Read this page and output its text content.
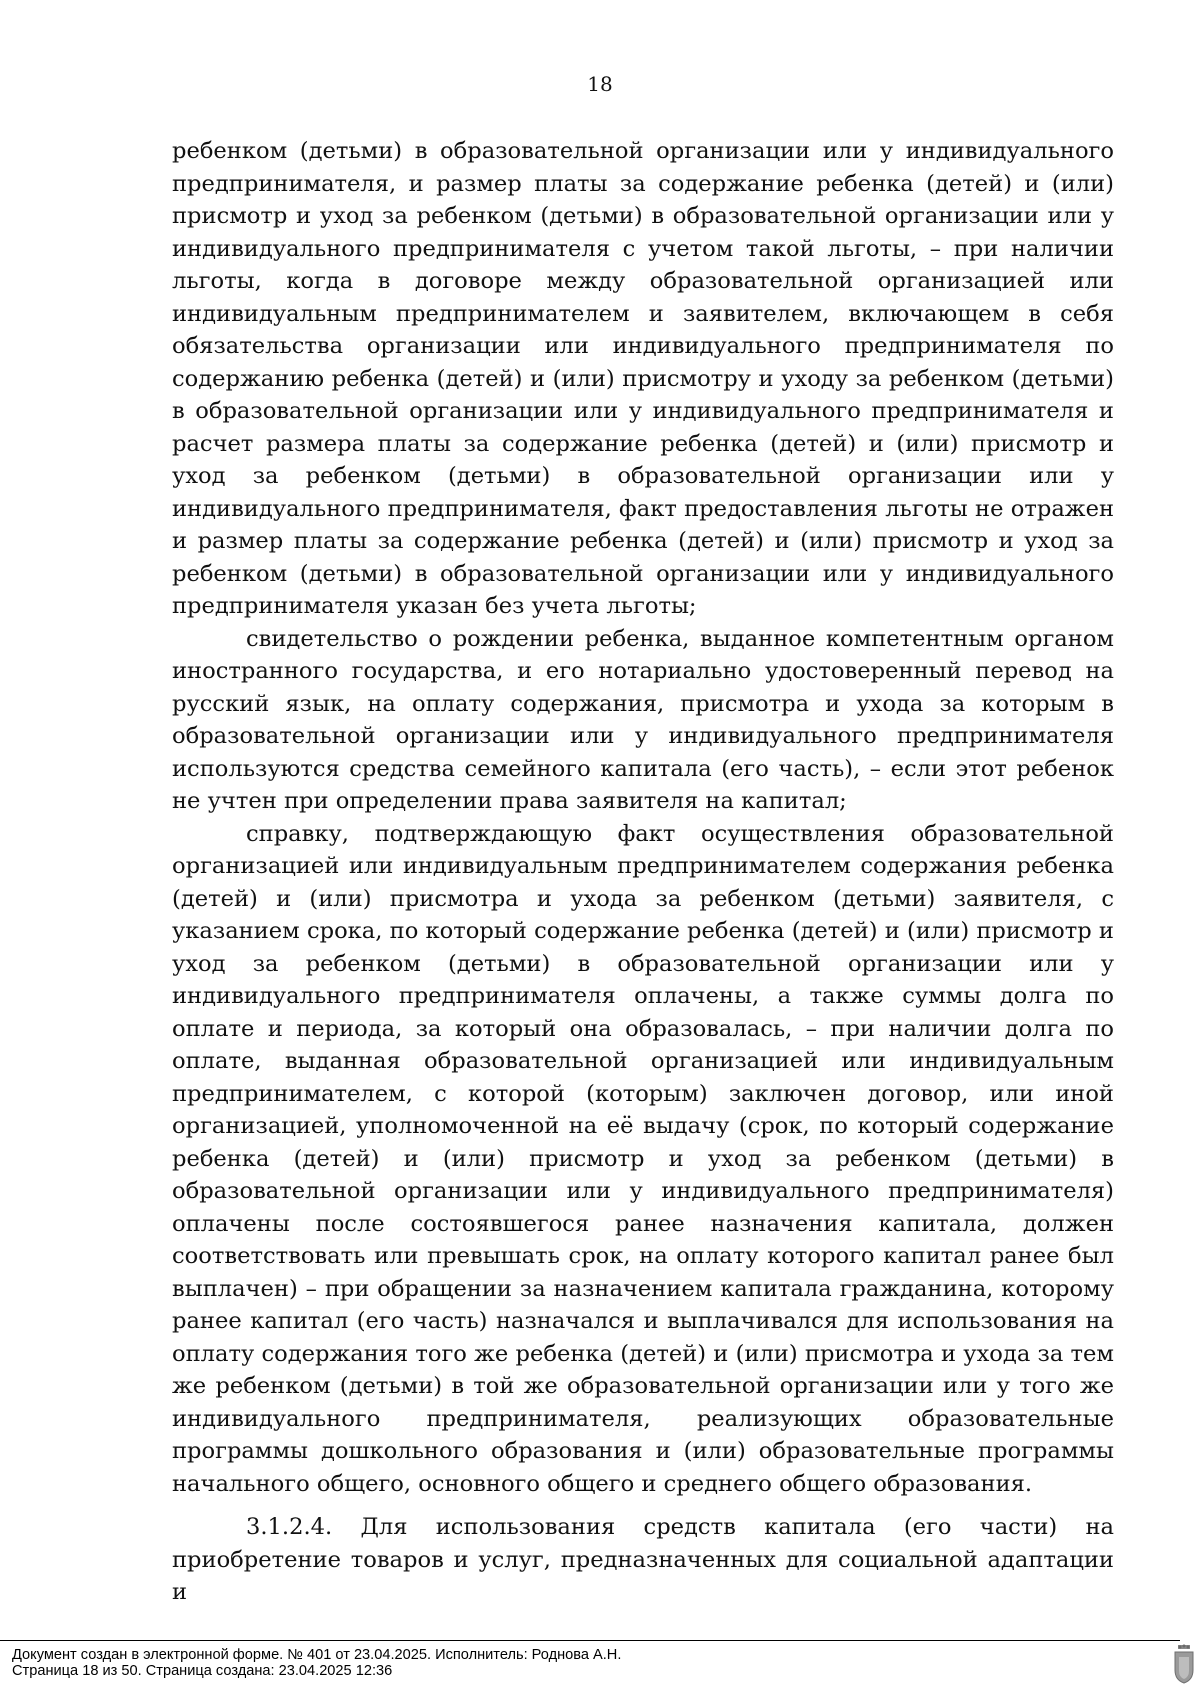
18

ребенком (детьми) в образовательной организации или у индивидуального предпринимателя, и размер платы за содержание ребенка (детей) и (или) присмотр и уход за ребенком (детьми) в образовательной организации или у индивидуального предпринимателя с учетом такой льготы, – при наличии льготы, когда в договоре между образовательной организацией или индивидуальным предпринимателем и заявителем, включающем в себя обязательства организации или индивидуального предпринимателя по содержанию ребенка (детей) и (или) присмотру и уходу за ребенком (детьми) в образовательной организации или у индивидуального предпринимателя и расчет размера платы за содержание ребенка (детей) и (или) присмотр и уход за ребенком (детьми) в образовательной организации или у индивидуального предпринимателя, факт предоставления льготы не отражен и размер платы за содержание ребенка (детей) и (или) присмотр и уход за ребенком (детьми) в образовательной организации или у индивидуального предпринимателя указан без учета льготы;

свидетельство о рождении ребенка, выданное компетентным органом иностранного государства, и его нотариально удостоверенный перевод на русский язык, на оплату содержания, присмотра и ухода за которым в образовательной организации или у индивидуального предпринимателя используются средства семейного капитала (его часть), – если этот ребенок не учтен при определении права заявителя на капитал;

справку, подтверждающую факт осуществления образовательной организацией или индивидуальным предпринимателем содержания ребенка (детей) и (или) присмотра и ухода за ребенком (детьми) заявителя, с указанием срока, по который содержание ребенка (детей) и (или) присмотр и уход за ребенком (детьми) в образовательной организации или у индивидуального предпринимателя оплачены, а также суммы долга по оплате и периода, за который она образовалась, – при наличии долга по оплате, выданная образовательной организацией или индивидуальным предпринимателем, с которой (которым) заключен договор, или иной организацией, уполномоченной на её выдачу (срок, по который содержание ребенка (детей) и (или) присмотр и уход за ребенком (детьми) в образовательной организации или у индивидуального предпринимателя) оплачены после состоявшегося ранее назначения капитала, должен соответствовать или превышать срок, на оплату которого капитал ранее был выплачен) – при обращении за назначением капитала гражданина, которому ранее капитал (его часть) назначался и выплачивался для использования на оплату содержания того же ребенка (детей) и (или) присмотра и ухода за тем же ребенком (детьми) в той же образовательной организации или у того же индивидуального предпринимателя, реализующих образовательные программы дошкольного образования и (или) образовательные программы начального общего, основного общего и среднего общего образования.

3.1.2.4. Для использования средств капитала (его части) на приобретение товаров и услуг, предназначенных для социальной адаптации и

Документ создан в электронной форме. № 401 от 23.04.2025. Исполнитель: Роднова А.Н.
Страница 18 из 50. Страница создана: 23.04.2025 12:36
